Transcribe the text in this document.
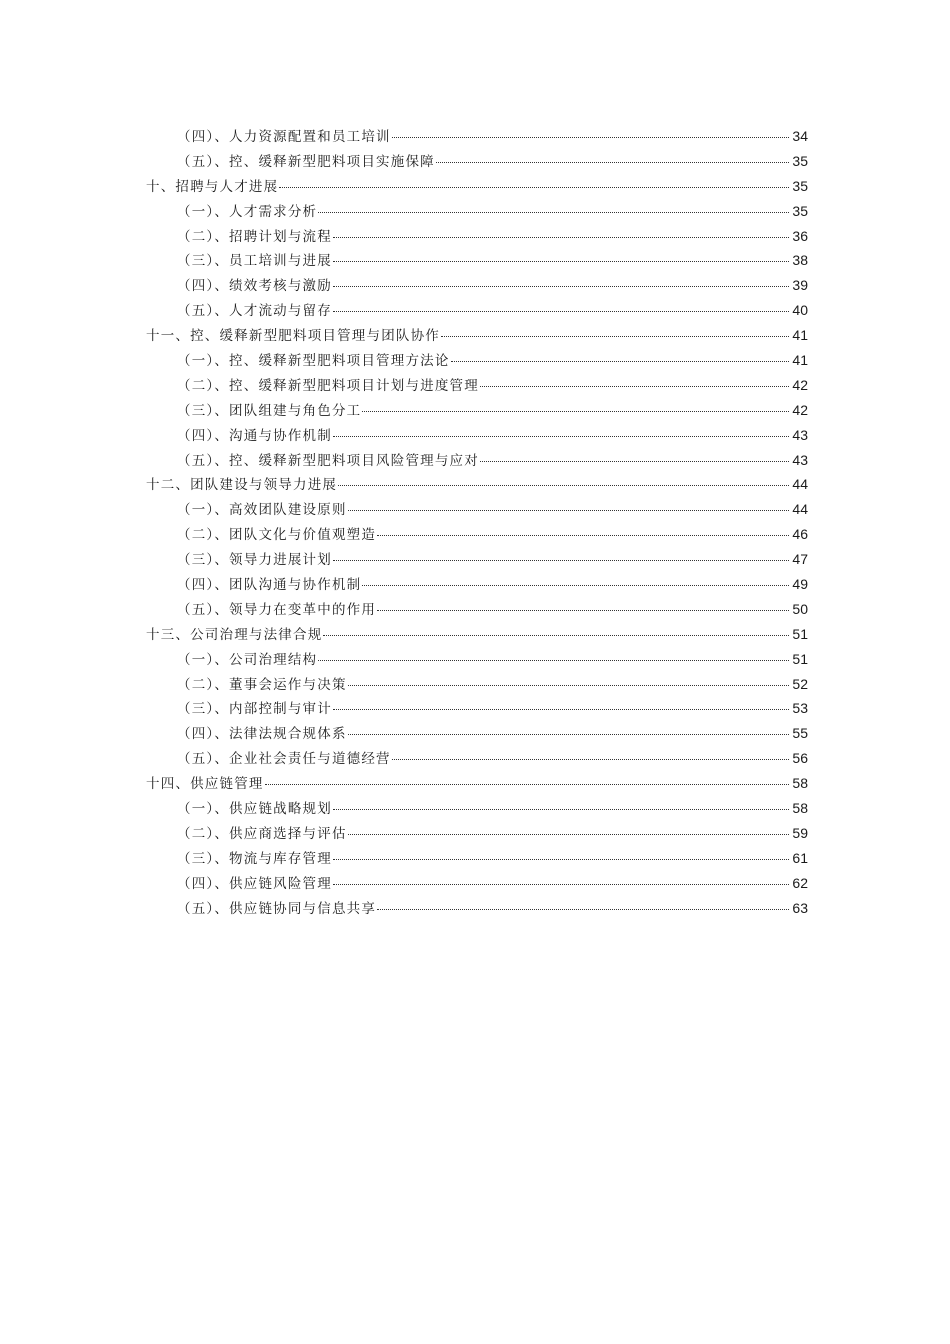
（四）、人力资源配置和员工培训	34
（五）、控、缓释新型肥料项目实施保障	35
十、招聘与人才进展	35
（一）、人才需求分析	35
（二）、招聘计划与流程	36
（三）、员工培训与进展	38
（四）、绩效考核与激励	39
（五）、人才流动与留存	40
十一、控、缓释新型肥料项目管理与团队协作	41
（一）、控、缓释新型肥料项目管理方法论	41
（二）、控、缓释新型肥料项目计划与进度管理	42
（三）、团队组建与角色分工	42
（四）、沟通与协作机制	43
（五）、控、缓释新型肥料项目风险管理与应对	43
十二、团队建设与领导力进展	44
（一）、高效团队建设原则	44
（二）、团队文化与价值观塑造	46
（三）、领导力进展计划	47
（四）、团队沟通与协作机制	49
（五）、领导力在变革中的作用	50
十三、公司治理与法律合规	51
（一）、公司治理结构	51
（二）、董事会运作与决策	52
（三）、内部控制与审计	53
（四）、法律法规合规体系	55
（五）、企业社会责任与道德经营	56
十四、供应链管理	58
（一）、供应链战略规划	58
（二）、供应商选择与评估	59
（三）、物流与库存管理	61
（四）、供应链风险管理	62
（五）、供应链协同与信息共享	63
